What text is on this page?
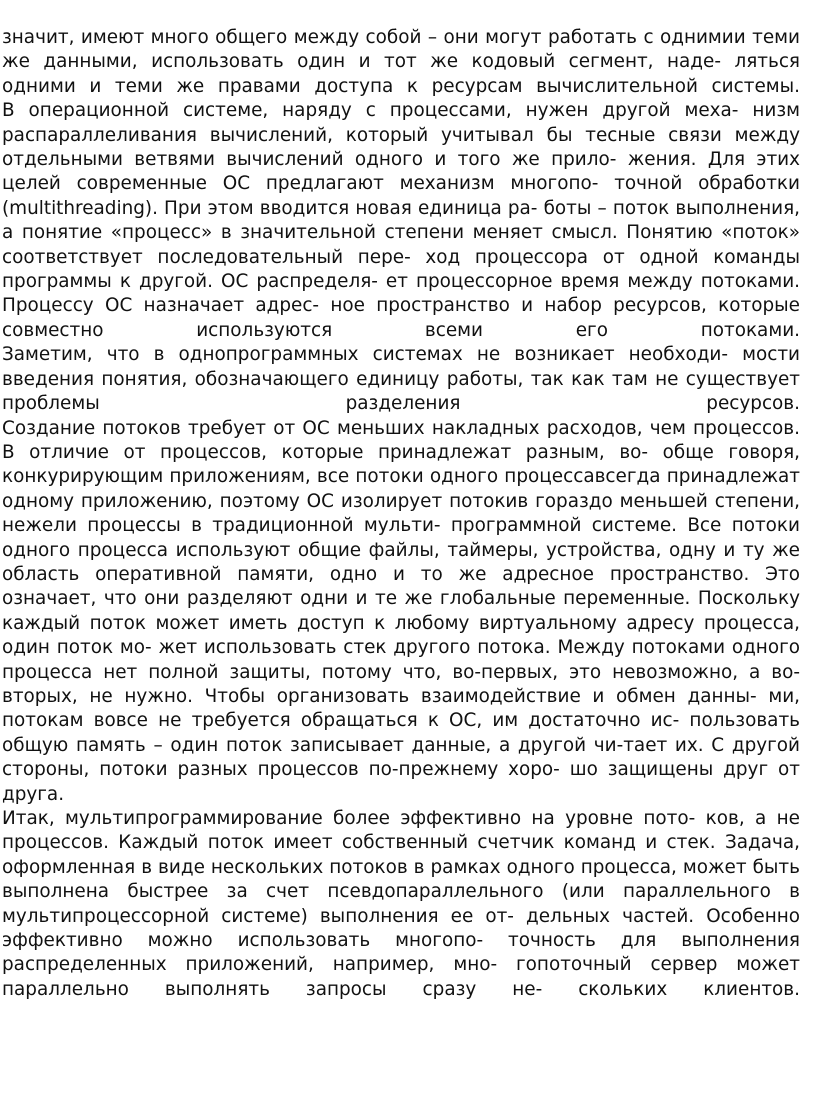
значит, имеют много общего между собой – они могут работать с однимии теми же данными, использовать один и тот же кодовый сегмент, наде- ляться одними и теми же правами доступа к ресурсам вычислительной системы.

В операционной системе, наряду с процессами, нужен другой меха- низм распараллеливания вычислений, который учитывал бы тесные связи между отдельными ветвями вычислений одного и того же прило- жения. Для этих целей современные ОС предлагают механизм многопо- точной обработки (multithreading). При этом вводится новая единица ра- боты – поток выполнения, а понятие «процесс» в значительной степени меняет смысл. Понятию «поток» соответствует последовательный пере- ход процессора от одной команды программы к другой. ОС распределя- ет процессорное время между потоками. Процессу ОС назначает адрес- ное пространство и набор ресурсов, которые совместно используются всеми его потоками.

Заметим, что в однопрограммных системах не возникает необходи- мости введения понятия, обозначающего единицу работы, так как там не существует проблемы разделения ресурсов.

Создание потоков требует от ОС меньших накладных расходов, чем процессов. В отличие от процессов, которые принадлежат разным, во- обще говоря, конкурирующим приложениям, все потоки одного процессавсегда принадлежат одному приложению, поэтому ОС изолирует потокив гораздо меньшей степени, нежели процессы в традиционной мульти- программной системе. Все потоки одного процесса используют общие файлы, таймеры, устройства, одну и ту же область оперативной памяти, одно и то же адресное пространство. Это означает, что они разделяют одни и те же глобальные переменные. Поскольку каждый поток может иметь доступ к любому виртуальному адресу процесса, один поток мо- жет использовать стек другого потока. Между потоками одного процесса нет полной защиты, потому что, во-первых, это невозможно, а во- вторых, не нужно. Чтобы организовать взаимодействие и обмен данны- ми, потокам вовсе не требуется обращаться к ОС, им достаточно ис- пользовать общую память – один поток записывает данные, а другой чи-тает их. С другой стороны, потоки разных процессов по-прежнему хоро- шо защищены друг от друга.

Итак, мультипрограммирование более эффективно на уровне пото- ков, а не процессов. Каждый поток имеет собственный счетчик команд и стек. Задача, оформленная в виде нескольких потоков в рамках одного процесса, может быть выполнена быстрее за счет псевдопараллельного (или параллельного в мультипроцессорной системе) выполнения ее от- дельных частей. Особенно эффективно можно использовать многопо- точность для выполнения распределенных приложений, например, мно- гопоточный сервер может параллельно выполнять запросы сразу не- скольких клиентов.
